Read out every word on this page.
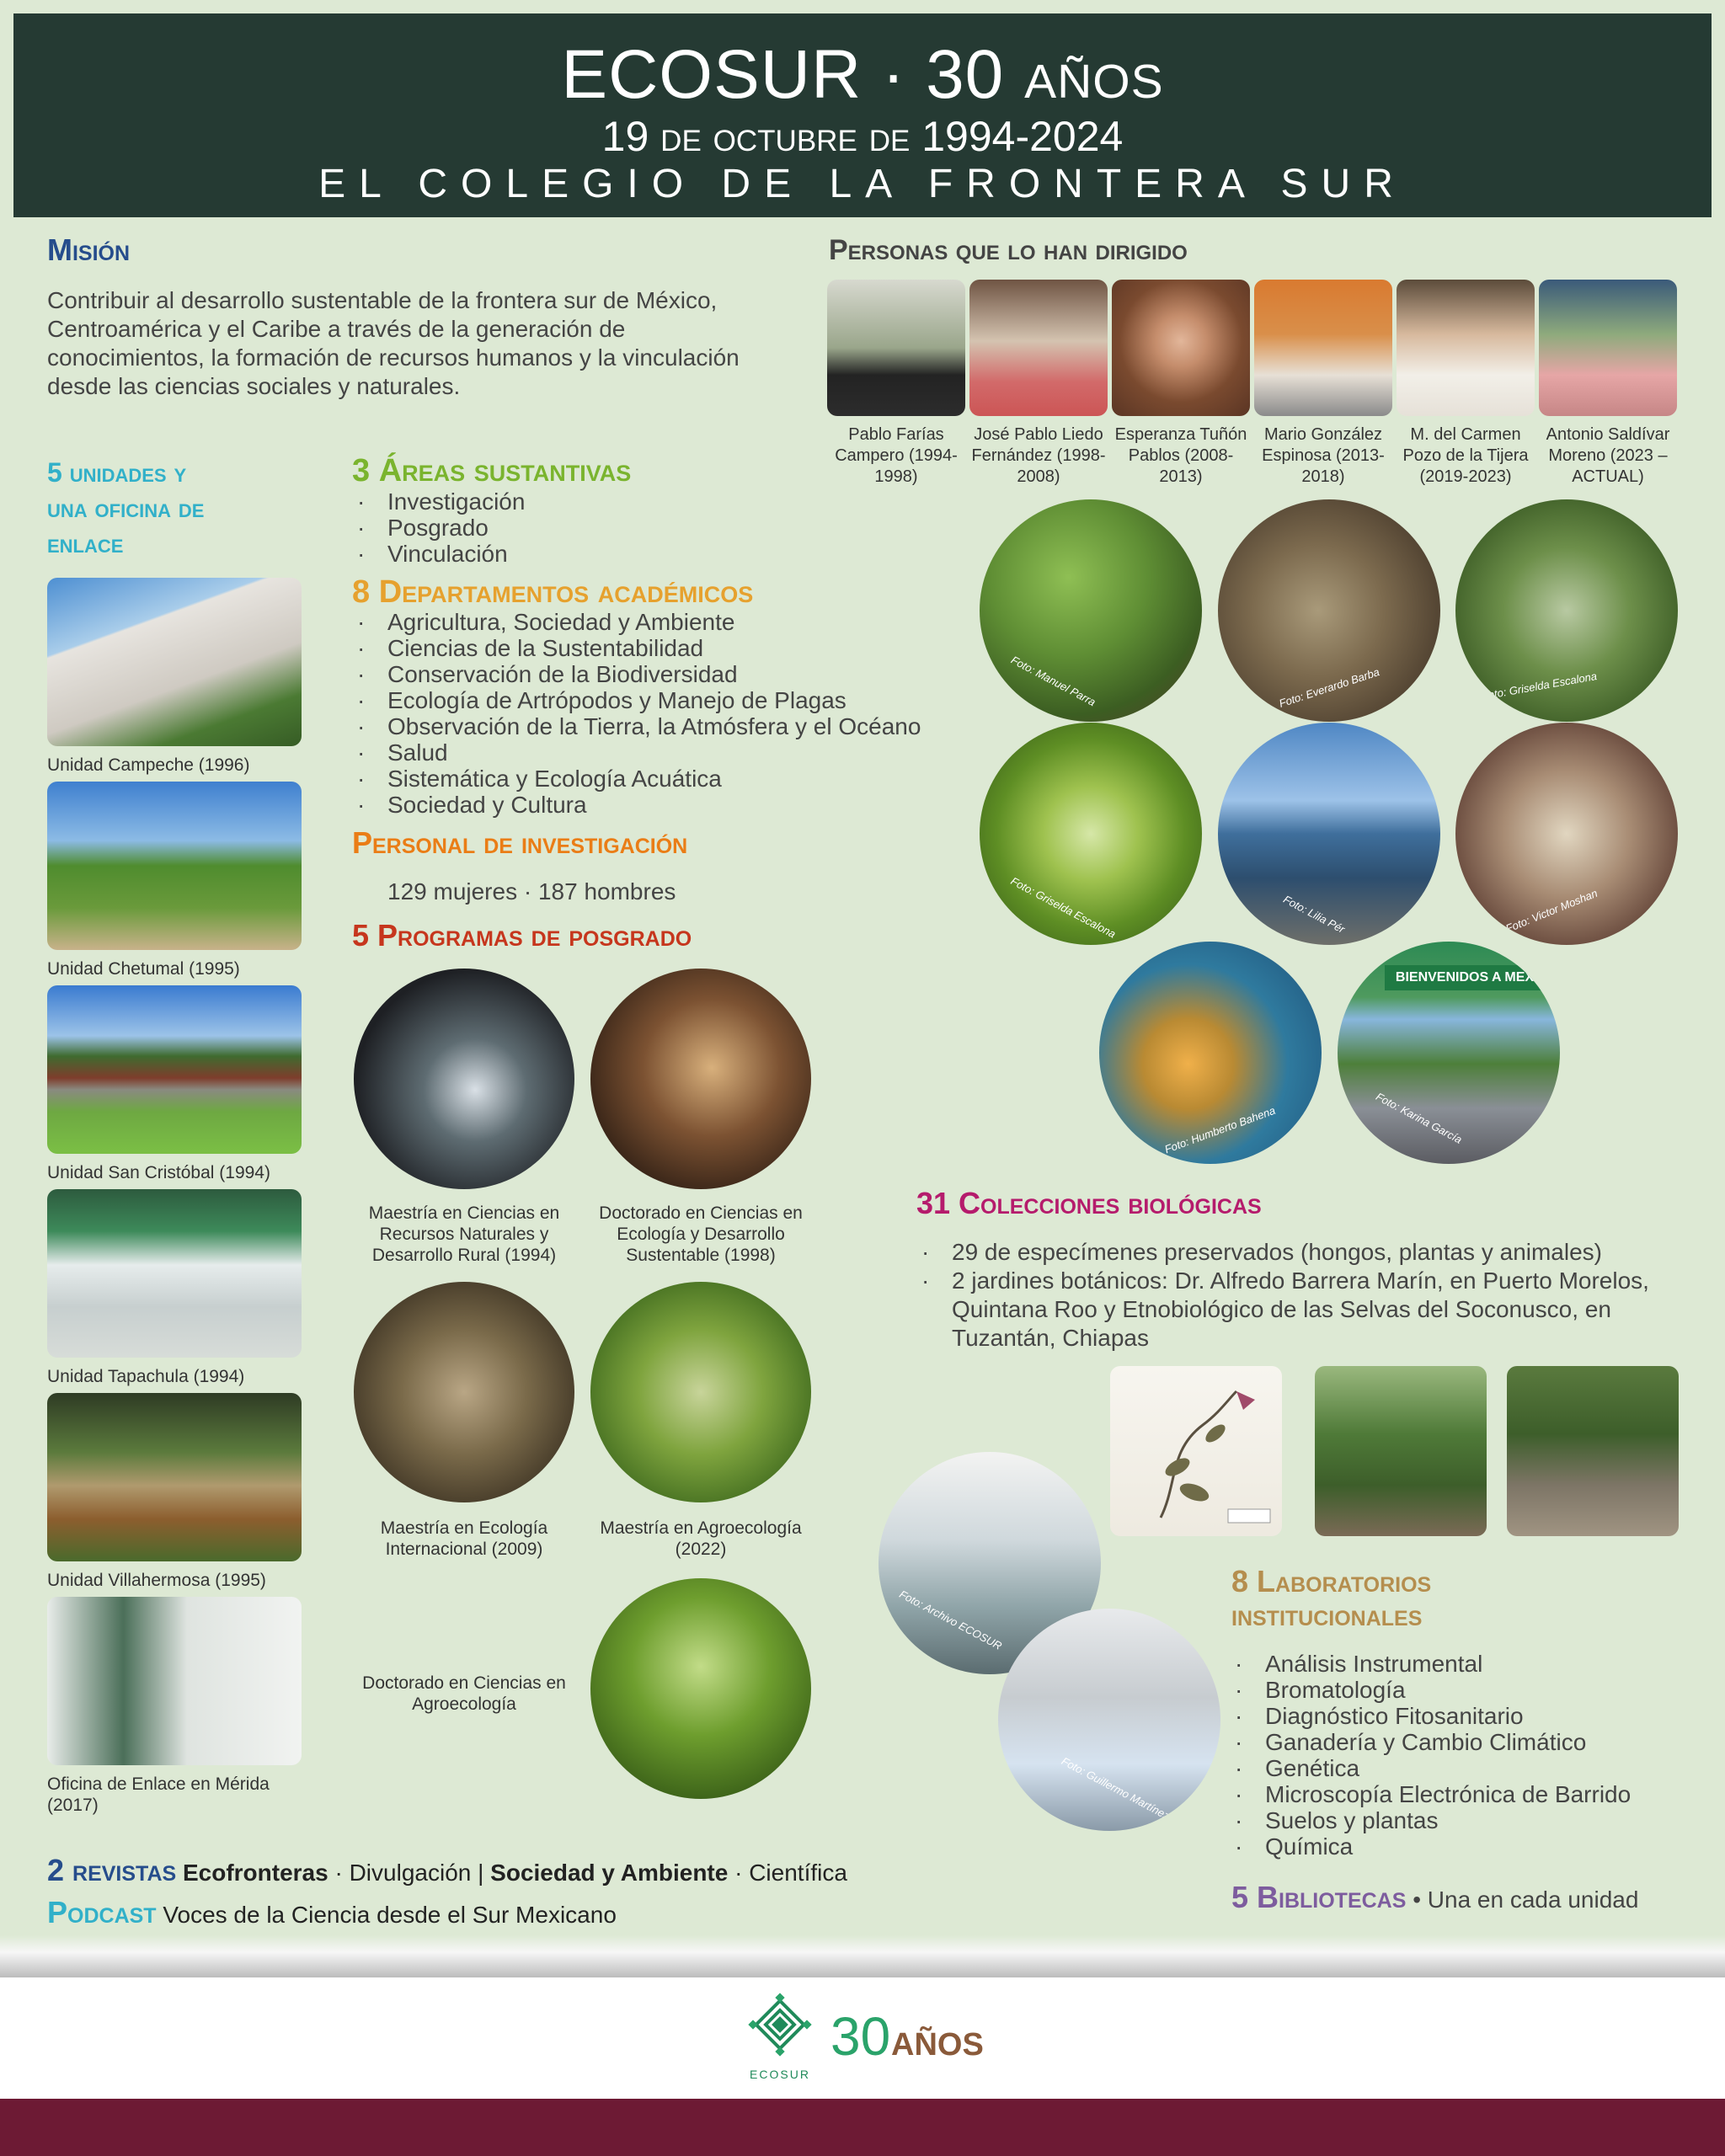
ECOSUR · 30 años
19 de octubre de 1994-2024
EL COLEGIO DE LA FRONTERA SUR
Misión
Contribuir al desarrollo sustentable de la frontera sur de México, Centroamérica y el Caribe a través de la generación de conocimientos, la formación de recursos humanos y la vinculación desde las ciencias sociales y naturales.
Personas que lo han dirigido
Pablo Farías Campero (1994-1998)
José Pablo Liedo Fernández (1998-2008)
Esperanza Tuñón Pablos (2008-2013)
Mario González Espinosa (2013-2018)
M. del Carmen Pozo de la Tijera (2019-2023)
Antonio Saldívar Moreno (2023 – ACTUAL)
5 unidades y
una oficina de
enlace
Unidad Campeche (1996)
Unidad Chetumal (1995)
Unidad San Cristóbal (1994)
Unidad Tapachula (1994)
Unidad Villahermosa (1995)
Oficina de Enlace en Mérida (2017)
3 Áreas sustantivas
· Investigación
· Posgrado
· Vinculación
8 Departamentos académicos
· Agricultura, Sociedad y Ambiente
· Ciencias de la Sustentabilidad
· Conservación de la Biodiversidad
· Ecología de Artrópodos y Manejo de Plagas
· Observación de la Tierra, la Atmósfera y el Océano
· Salud
· Sistemática y Ecología Acuática
· Sociedad y Cultura
Personal de investigación
129 mujeres · 187 hombres
5 Programas de posgrado
Maestría en Ciencias en Recursos Naturales y Desarrollo Rural (1994)
Doctorado en Ciencias en Ecología y Desarrollo Sustentable (1998)
Maestría en Ecología Internacional (2009)
Maestría en Agroecología (2022)
Doctorado en Ciencias en Agroecología
Foto: Manuel Parra	Foto: Everardo Barba	Foto: Griselda Escalona
Foto: Griselda Escalona	Foto: Lilia Pér	Foto: Victor Moshan
Foto: Humberto Bahena
BIENVENIDOS A MEX
Foto: Karina García
31 Colecciones biológicas
· 29 de especímenes preservados (hongos, plantas y animales)
· 2 jardines botánicos: Dr. Alfredo Barrera Marín, en Puerto Morelos, Quintana Roo y Etnobiológico de las Selvas del Soconusco, en Tuzantán, Chiapas
Foto: Archivo ECOSUR
Foto: Guillermo Martínez
8 Laboratorios
institucionales
· Análisis Instrumental
· Bromatología
· Diagnóstico Fitosanitario
· Ganadería y Cambio Climático
· Genética
· Microscopía Electrónica de Barrido
· Suelos y plantas
· Química
5 Bibliotecas • Una en cada unidad
2 revistas Ecofronteras · Divulgación | Sociedad y Ambiente · Científica
Podcast Voces de la Ciencia desde el Sur Mexicano
ECOSUR
30 AÑOS
